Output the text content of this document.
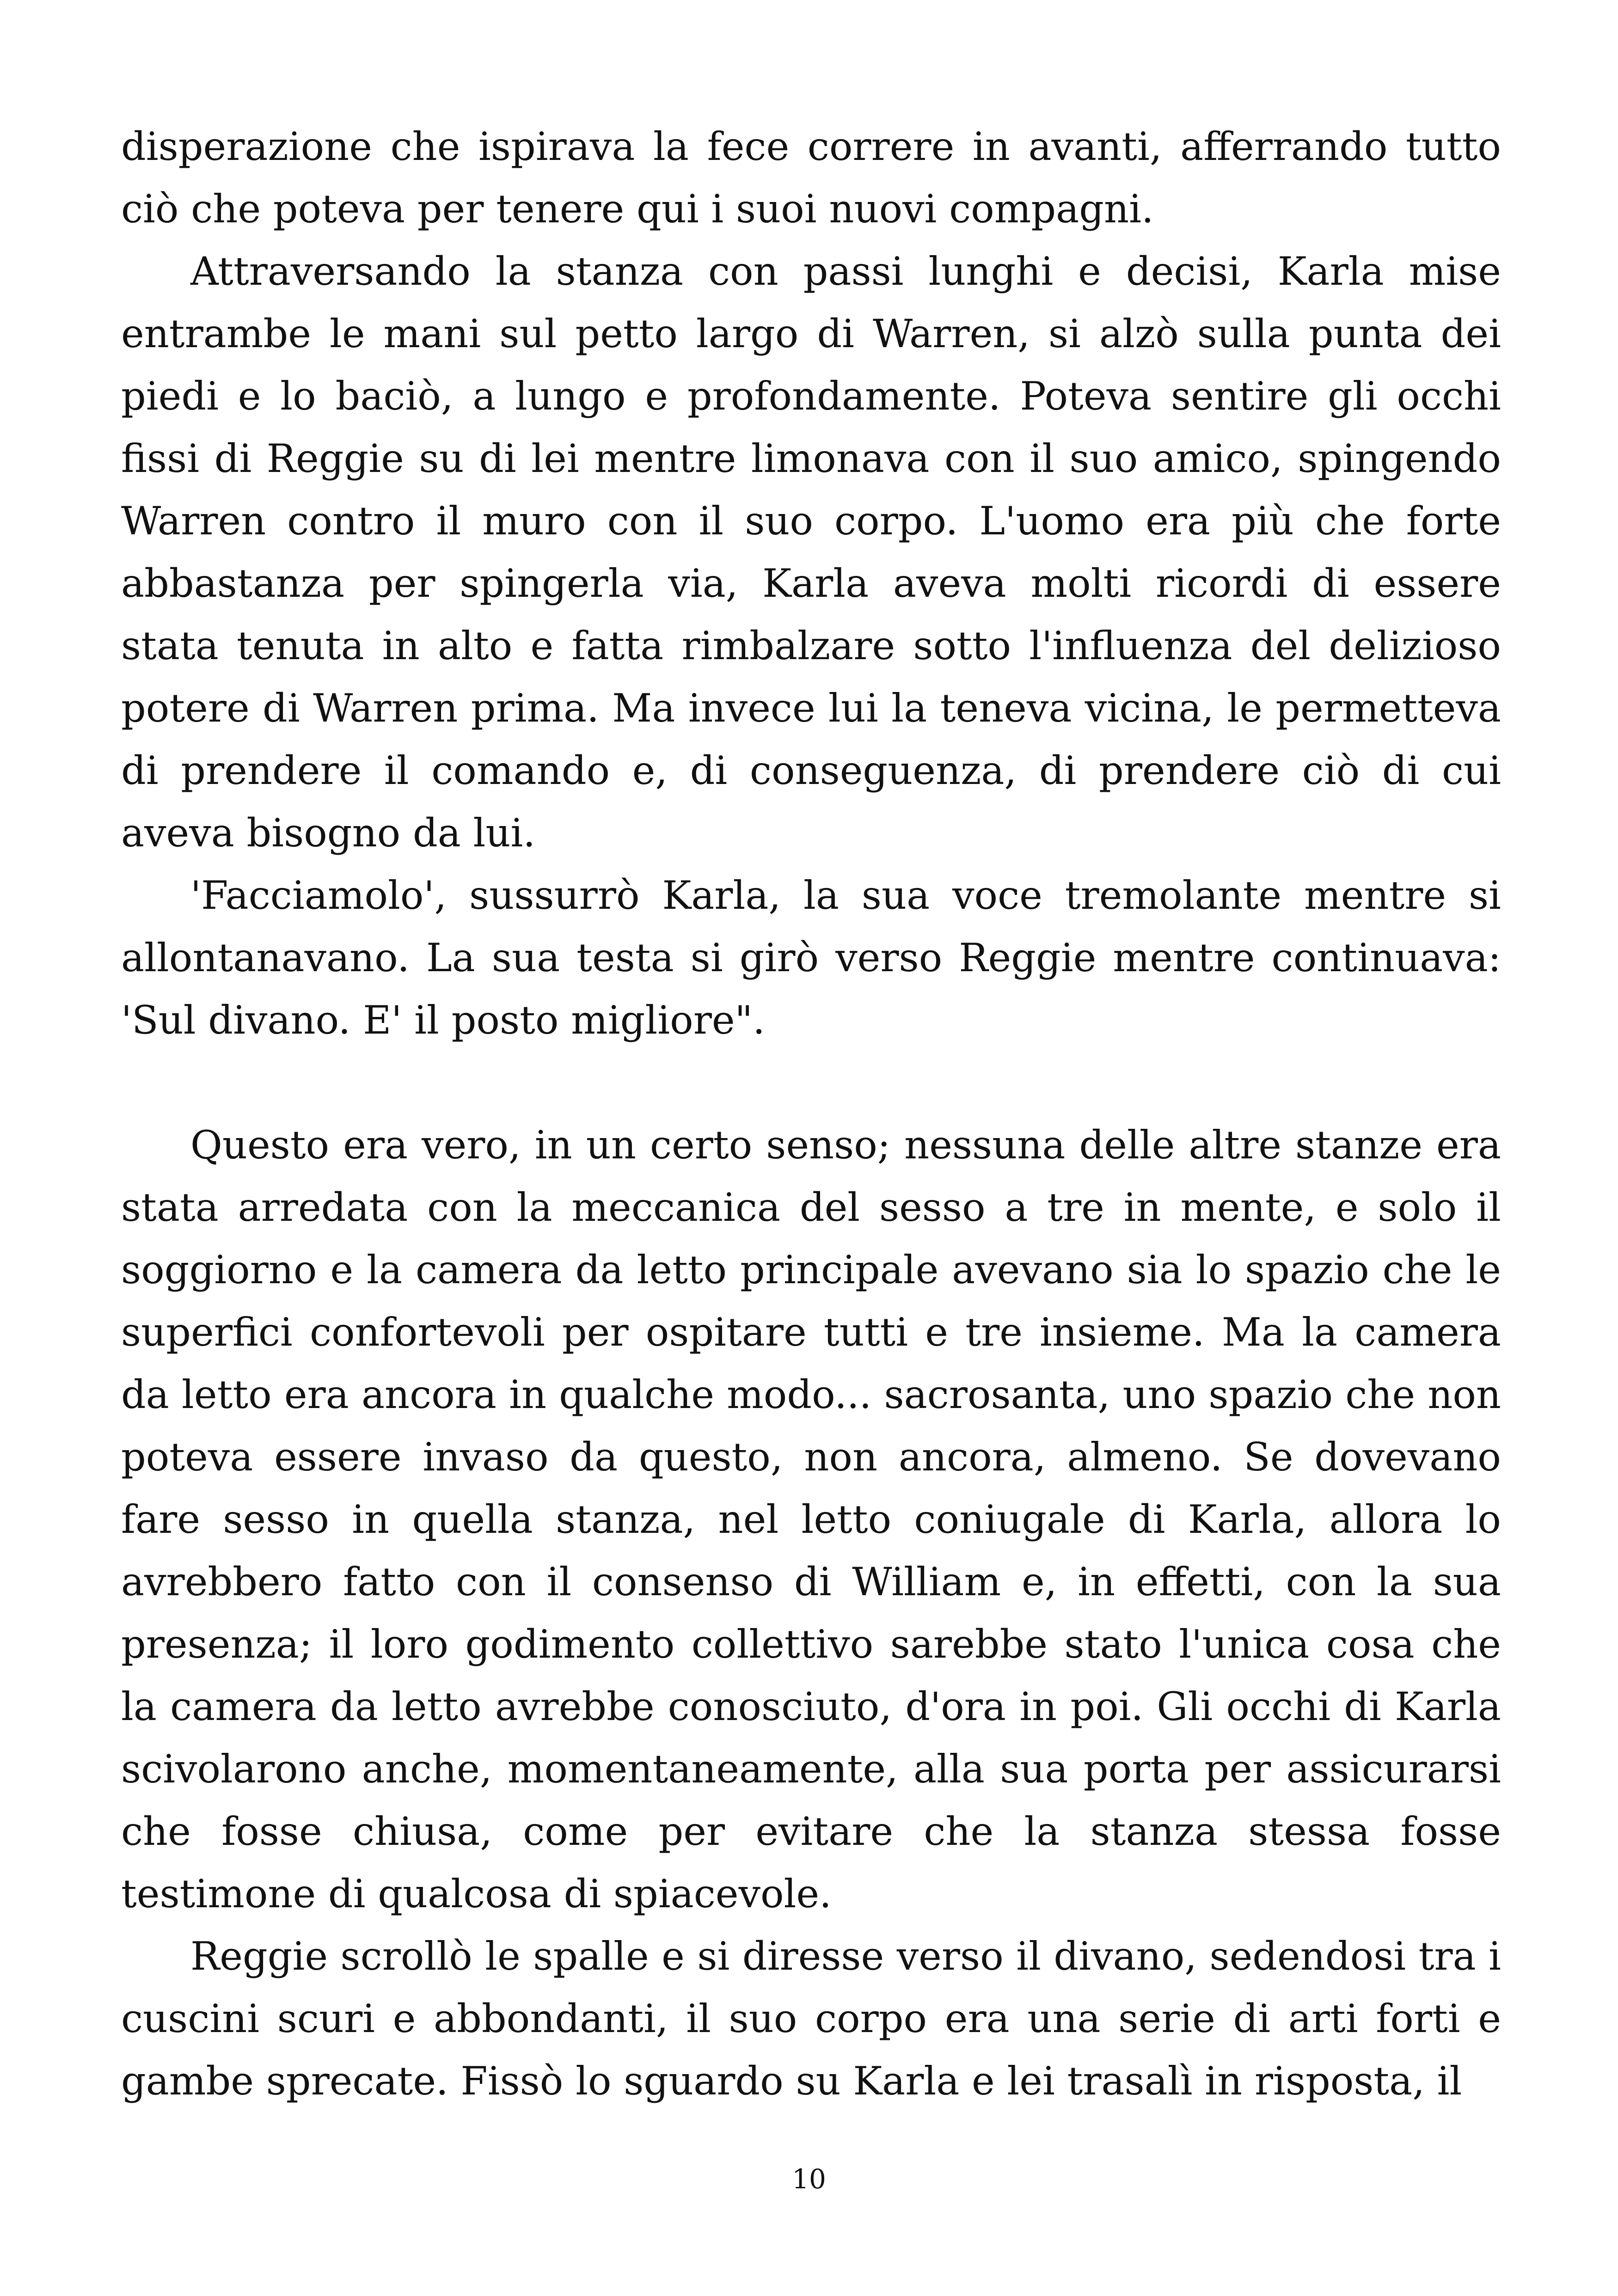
disperazione che ispirava la fece correre in avanti, afferrando tutto ciò che poteva per tenere qui i suoi nuovi compagni.

Attraversando la stanza con passi lunghi e decisi, Karla mise entrambe le mani sul petto largo di Warren, si alzò sulla punta dei piedi e lo baciò, a lungo e profondamente. Poteva sentire gli occhi fissi di Reggie su di lei mentre limonava con il suo amico, spingendo Warren contro il muro con il suo corpo. L'uomo era più che forte abbastanza per spingerla via, Karla aveva molti ricordi di essere stata tenuta in alto e fatta rimbalzare sotto l'influenza del delizioso potere di Warren prima. Ma invece lui la teneva vicina, le permetteva di prendere il comando e, di conseguenza, di prendere ciò di cui aveva bisogno da lui.

'Facciamolo', sussurrò Karla, la sua voce tremolante mentre si allontanavano. La sua testa si girò verso Reggie mentre continuava: 'Sul divano. E' il posto migliore".

Questo era vero, in un certo senso; nessuna delle altre stanze era stata arredata con la meccanica del sesso a tre in mente, e solo il soggiorno e la camera da letto principale avevano sia lo spazio che le superfici confortevoli per ospitare tutti e tre insieme. Ma la camera da letto era ancora in qualche modo... sacrosanta, uno spazio che non poteva essere invaso da questo, non ancora, almeno. Se dovevano fare sesso in quella stanza, nel letto coniugale di Karla, allora lo avrebbero fatto con il consenso di William e, in effetti, con la sua presenza; il loro godimento collettivo sarebbe stato l'unica cosa che la camera da letto avrebbe conosciuto, d'ora in poi. Gli occhi di Karla scivolarono anche, momentaneamente, alla sua porta per assicurarsi che fosse chiusa, come per evitare che la stanza stessa fosse testimone di qualcosa di spiacevole.

Reggie scrollò le spalle e si diresse verso il divano, sedendosi tra i cuscini scuri e abbondanti, il suo corpo era una serie di arti forti e gambe sprecate. Fissò lo sguardo su Karla e lei trasalì in risposta, il

10
